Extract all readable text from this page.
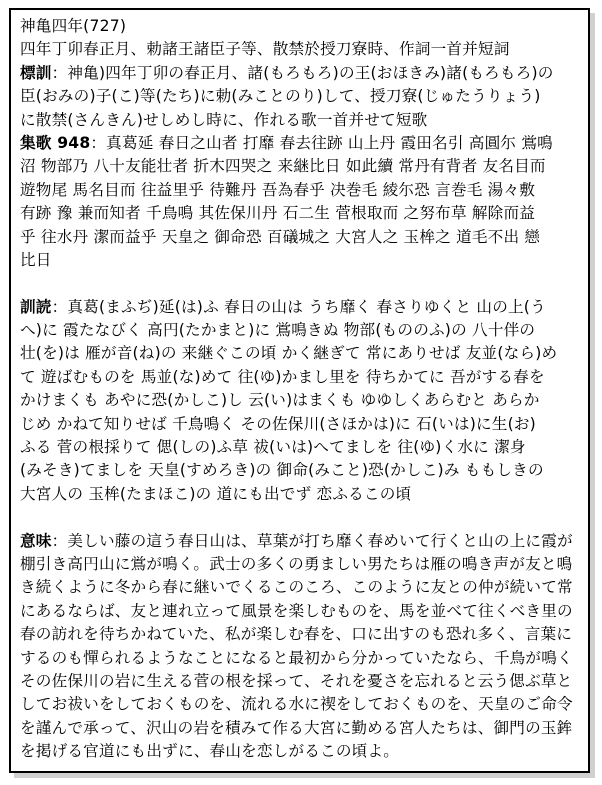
神亀四年(727)
四年丁卯春正月、勅諸王諸臣子等、散禁於授刀寮時、作詞一首并短詞
標訓：神亀)四年丁卯の春正月、諸(もろもろ)の王(おほきみ)諸(もろもろ)の
臣(おみの)子(こ)等(たち)に勅(みことのり)して、授刀寮(じゅたうりょう)
に散禁(さんきん)せしめし時に、作れる歌一首并せて短歌
集歌 948：真葛延 春日之山者 打靡 春去往跡 山上丹 霞田名引 高圓尓 鴬鳴
沼 物部乃 八十友能壮者 折木四哭之 来継比日 如此續 常丹有背者 友名目而
遊物尾 馬名目而 往益里乎 待難丹 吾為春乎 决巻毛 綾尓恐 言巻毛 湯々敷
有跡 豫 兼而知者 千鳥鳴 其佐保川丹 石二生 菅根取而 之努布草 解除而益
乎 往水丹 潔而益乎 天皇之 御命恐 百礒城之 大宮人之 玉桙之 道毛不出 戀
比日
訓読：真葛(まふぢ)延(は)ふ 春日の山は うち靡く 春さりゆくと 山の上(う
へ)に 霞たなびく 高円(たかまと)に 鴬鳴きぬ 物部(もののふ)の 八十伴の
壮(を)は 雁が音(ね)の 来継ぐこの頃 かく継ぎて 常にありせば 友並(なら)め
て 遊ばむものを 馬並(な)めて 往(ゆ)かまし里を 待ちかてに 吾がする春を
かけまくも あやに恐(かしこ)し 云(い)はまくも ゆゆしくあらむと あらか
じめ かねて知りせば 千鳥鳴く その佐保川(さほかは)に 石(いは)に生(お)
ふる 菅の根採りて 偲(しの)ふ草 祓(いは)へてましを 往(ゆ)く水に 潔身
(みそき)てましを 天皇(すめろき)の 御命(みこと)恐(かしこ)み ももしきの
大宮人の 玉桙(たまほこ)の 道にも出でず 恋ふるこの頃
意味：美しい藤の這う春日山は、草葉が打ち靡く春めいて行くと山の上に霞が
棚引き高円山に鴬が鳴く。武士の多くの勇ましい男たちは雁の鳴き声が友と鳴
き続くように冬から春に継いでくるこのころ、このように友との仲が続いて常
にあるならば、友と連れ立って風景を楽しむものを、馬を並べて往くべき里の
春の訪れを待ちかねていた、私が楽しむ春を、口に出すのも恐れ多く、言葉に
するのも憚られるようなことになると最初から分かっていたなら、千鳥が鳴く
その佐保川の岩に生える菅の根を採って、それを憂さを忘れると云う偲ぶ草と
してお祓いをしておくものを、流れる水に禊をしておくものを、天皇のご命令
を謹んで承って、沢山の岩を積みて作る大宮に勤める宮人たちは、御門の玉鉾
を掲げる官道にも出ずに、春山を恋しがるこの頃よ。
